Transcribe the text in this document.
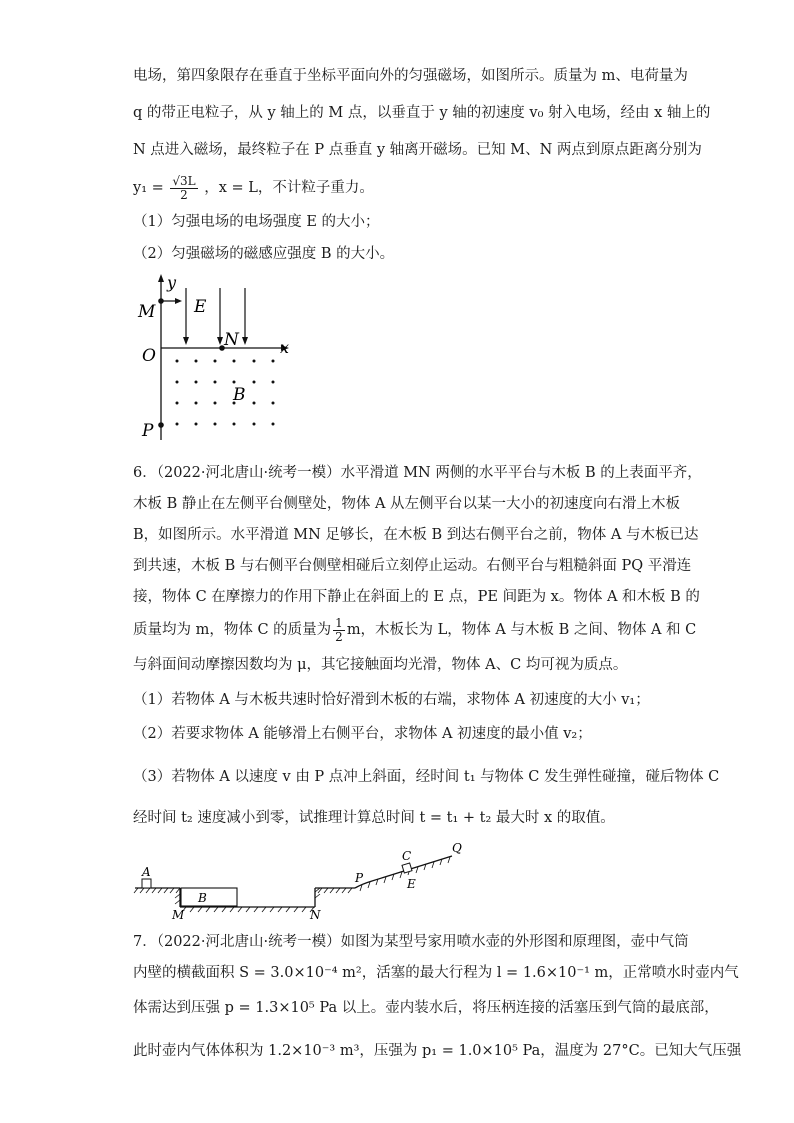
电场，第四象限存在垂直于坐标平面向外的匀强磁场，如图所示。质量为 m、电荷量为
q 的带正电粒子，从 y 轴上的 M 点，以垂直于 y 轴的初速度 v₀ 射入电场，经由 x 轴上的
N 点进入磁场，最终粒子在 P 点垂直 y 轴离开磁场。已知 M、N 两点到原点距离分别为
$y_1 = \frac{√3L}{2}$ ，x = L，不计粒子重力。
（1）匀强电场的电场强度 E 的大小；
（2）匀强磁场的磁感应强度 B 的大小。
y
M E
N
O	x
B
P
6．（2022·河北唐山·统考一模）水平滑道 MN 两侧的水平平台与木板 B 的上表面平齐，
木板 B 静止在左侧平台侧壁处，物体 A 从左侧平台以某一大小的初速度向右滑上木板
B，如图所示。水平滑道 MN 足够长，在木板 B 到达右侧平台之前，物体 A 与木板已达
到共速，木板 B 与右侧平台侧壁相碰后立刻停止运动。右侧平台与粗糙斜面 PQ 平滑连
接，物体 C 在摩擦力的作用下静止在斜面上的 E 点，PE 间距为 x。物体 A 和木板 B 的
质量均为 m，物体 C 的质量为 $\frac{1}{2}$ m，木板长为 L，物体 A 与木板 B 之间、物体 A 和 C
与斜面间动摩擦因数均为 μ，其它接触面均光滑，物体 A、C 均可视为质点。
（1）若物体 A 与木板共速时恰好滑到木板的右端，求物体 A 初速度的大小 v₁；
（2）若要求物体 A 能够滑上右侧平台，求物体 A 初速度的最小值 v₂；
（3）若物体 A 以速度 v 由 P 点冲上斜面，经时间 t₁ 与物体 C 发生弹性碰撞，碰后物体 C
经时间 t₂ 速度减小到零，试推理计算总时间 t = t₁ + t₂ 最大时 x 的取值。
A
B
M	N
P
C
E
Q
7．（2022·河北唐山·统考一模）如图为某型号家用喷水壶的外形图和原理图，壶中气筒
内壁的横截面积 S = 3.0×10⁻⁴ m²，活塞的最大行程为 l = 1.6×10⁻¹ m，正常喷水时壶内气
体需达到压强 p = 1.3×10⁵ Pa 以上。壶内装水后，将压柄连接的活塞压到气筒的最底部，
此时壶内气体体积为 1.2×10⁻³ m³，压强为 p₁ = 1.0×10⁵ Pa，温度为 27°C。已知大气压强
